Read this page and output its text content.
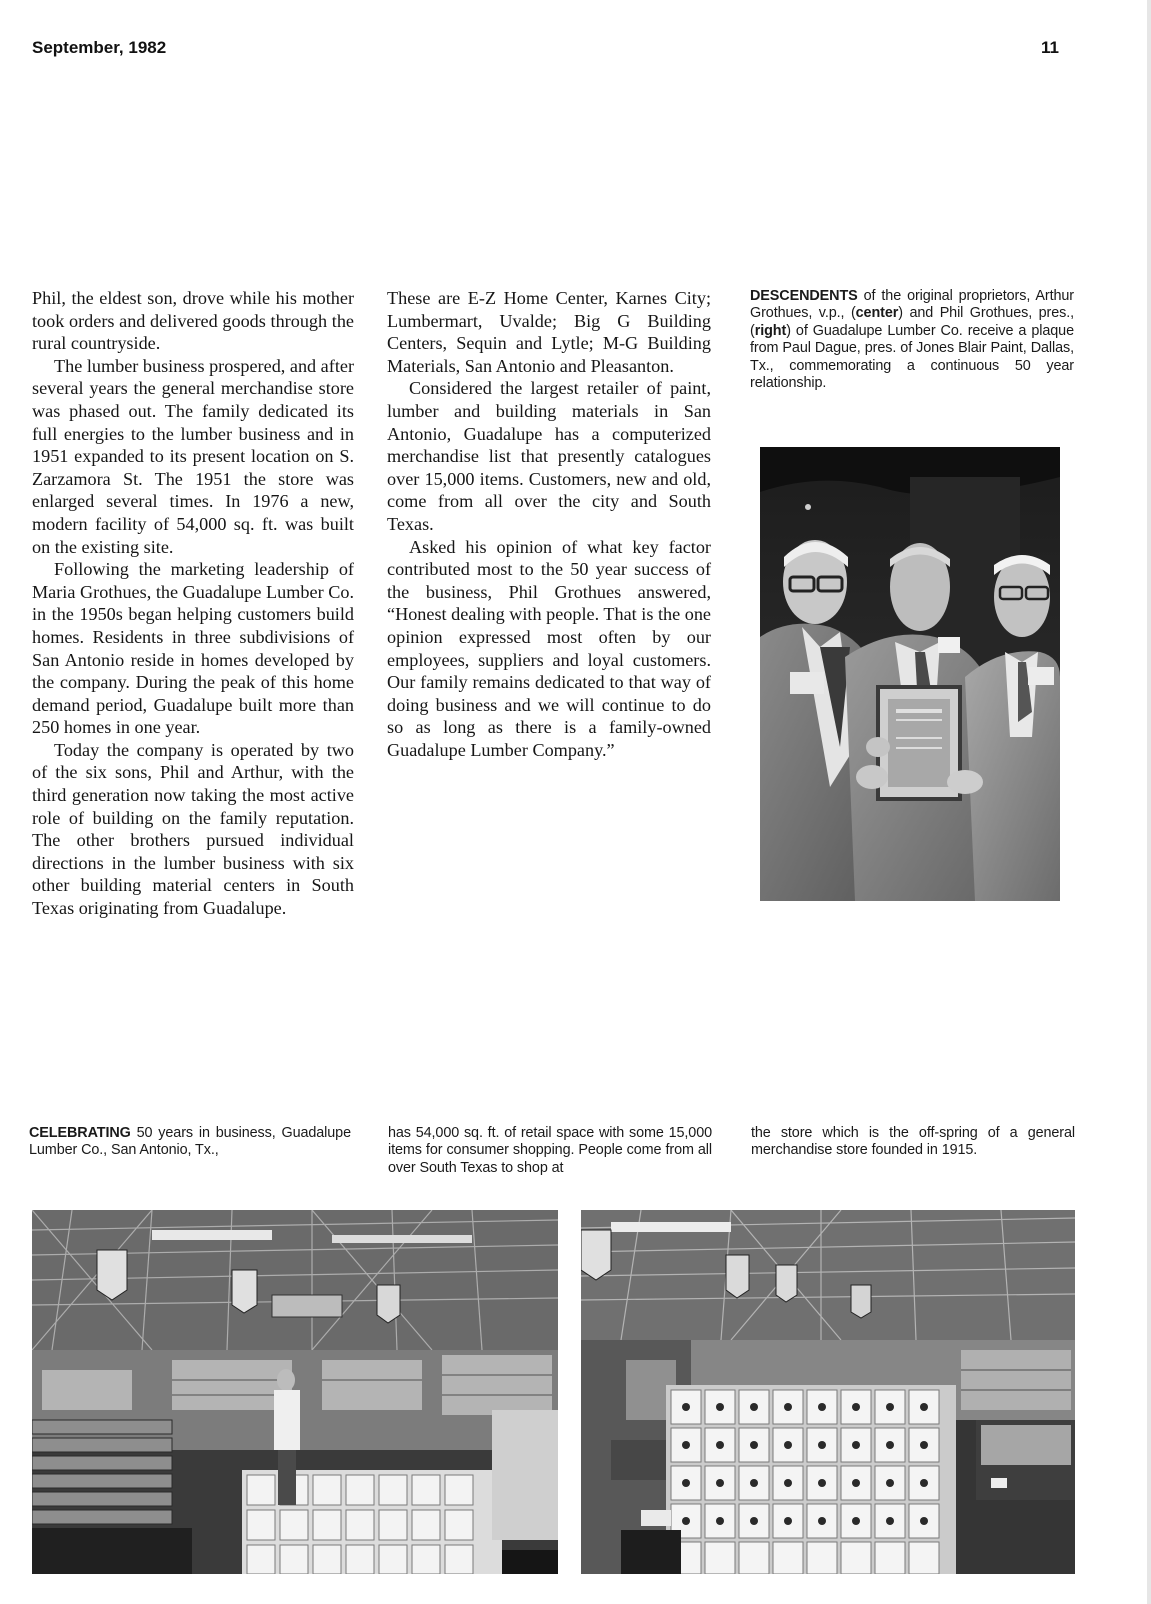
September, 1982	11

Phil, the eldest son, drove while his mother took orders and delivered goods through the rural countryside.

The lumber business prospered, and after several years the general merchandise store was phased out. The family dedicated its full energies to the lumber business and in 1951 expanded to its present location on S. Zarzamora St. The 1951 the store was enlarged several times. In 1976 a new, modern facility of 54,000 sq. ft. was built on the existing site.

Following the marketing leadership of Maria Grothues, the Guadalupe Lumber Co. in the 1950s began helping customers build homes. Residents in three subdivisions of San Antonio reside in homes developed by the company. During the peak of this home demand period, Guadalupe built more than 250 homes in one year.

Today the company is operated by two of the six sons, Phil and Arthur, with the third generation now taking the most active role of building on the family reputation. The other brothers pursued individual directions in the lumber business with six other building material centers in South Texas originating from Guadalupe.

These are E-Z Home Center, Karnes City; Lumbermart, Uvalde; Big G Building Centers, Sequin and Lytle; M-G Building Materials, San Antonio and Pleasanton.

Considered the largest retailer of paint, lumber and building materials in San Antonio, Guadalupe has a computerized merchandise list that presently catalogues over 15,000 items. Customers, new and old, come from all over the city and South Texas.

Asked his opinion of what key factor contributed most to the 50 year success of the business, Phil Grothues answered, “Honest dealing with people. That is the one opinion expressed most often by our employees, suppliers and loyal customers. Our family remains dedicated to that way of doing business and we will continue to do so as long as there is a family-owned Guadalupe Lumber Company.”

DESCENDENTS of the original proprietors, Arthur Grothues, v.p., (center) and Phil Grothues, pres., (right) of Guadalupe Lumber Co. receive a plaque from Paul Dague, pres. of Jones Blair Paint, Dallas, Tx., commemorating a continuous 50 year relationship.
CELEBRATING 50 years in business, Guadalupe Lumber Co., San Antonio, Tx.,
has 54,000 sq. ft. of retail space with some 15,000 items for consumer shopping. People come from all over South Texas to shop at
the store which is the off-spring of a general merchandise store founded in 1915.
